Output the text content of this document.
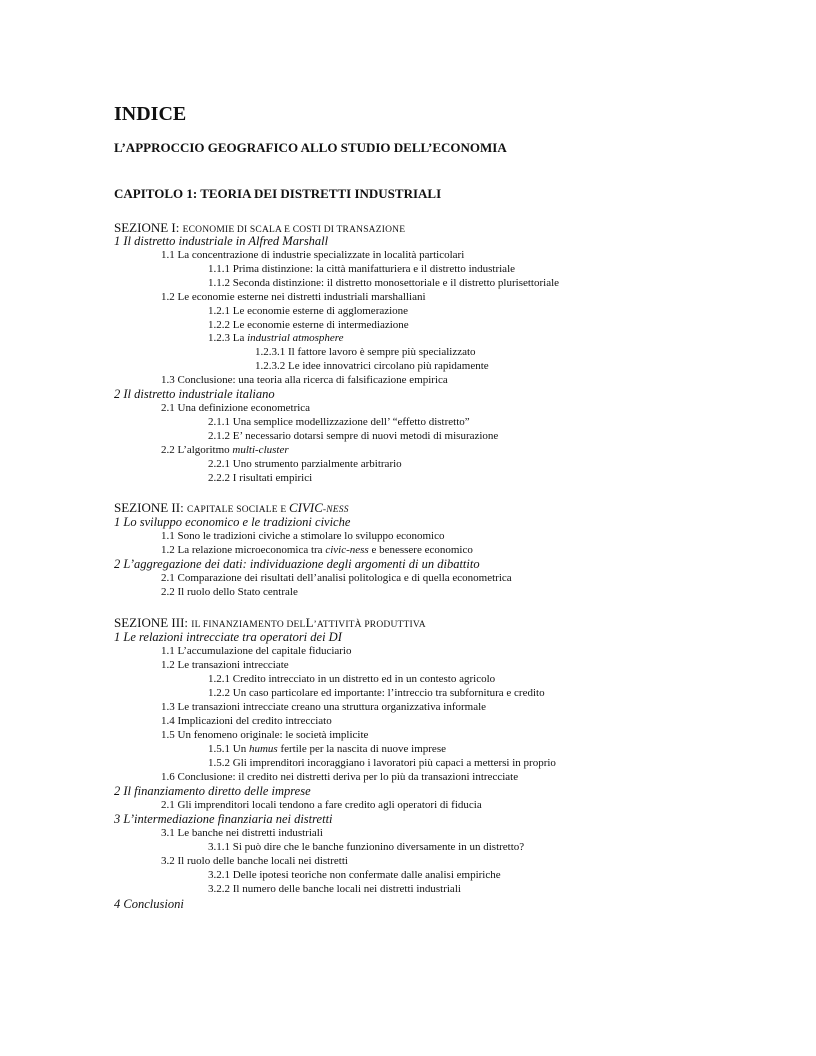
INDICE
L’APPROCCIO GEOGRAFICO ALLO STUDIO DELL’ECONOMIA
CAPITOLO 1: TEORIA DEI DISTRETTI INDUSTRIALI
SEZIONE I: ECONOMIE DI SCALA E COSTI DI TRANSAZIONE
1 Il distretto industriale in Alfred Marshall
1.1 La concentrazione di industrie specializzate in località particolari
1.1.1 Prima distinzione: la città manifatturiera e il distretto industriale
1.1.2 Seconda distinzione: il distretto monosettoriale e il distretto plurisettoriale
1.2 Le economie esterne nei distretti industriali marshalliani
1.2.1 Le economie esterne di agglomerazione
1.2.2 Le economie esterne di intermediazione
1.2.3 La industrial atmosphere
1.2.3.1 Il fattore lavoro è sempre più specializzato
1.2.3.2 Le idee innovatrici circolano più rapidamente
1.3 Conclusione: una teoria alla ricerca di falsificazione empirica
2 Il distretto industriale italiano
2.1 Una definizione econometrica
2.1.1 Una semplice modellizzazione dell’ “effetto distretto”
2.1.2 E’ necessario dotarsi sempre di nuovi metodi di misurazione
2.2 L’algoritmo multi-cluster
2.2.1 Uno strumento parzialmente arbitrario
2.2.2 I risultati empirici
SEZIONE II: CAPITALE SOCIALE E CIVIC-NESS
1 Lo sviluppo economico e le tradizioni civiche
1.1 Sono le tradizioni civiche a stimolare lo sviluppo economico
1.2 La relazione microeconomica tra civic-ness e benessere economico
2 L’aggregazione dei dati: individuazione degli argomenti di un dibattito
2.1 Comparazione dei risultati dell’analisi politologica e di quella econometrica
2.2 Il ruolo dello Stato centrale
SEZIONE III: IL FINANZIAMENTO DELL’ATTIVITÀ PRODUTTIVA
1 Le relazioni intrecciate tra operatori dei DI
1.1 L’accumulazione del capitale fiduciario
1.2 Le transazioni intrecciate
1.2.1 Credito intrecciato in un distretto ed in un contesto agricolo
1.2.2 Un caso particolare ed importante: l’intreccio tra subfornitura e credito
1.3 Le transazioni intrecciate creano una struttura organizzativa informale
1.4 Implicazioni del credito intrecciato
1.5 Un fenomeno originale: le società implicite
1.5.1 Un humus fertile per la nascita di nuove imprese
1.5.2 Gli imprenditori incoraggiano i lavoratori più capaci a mettersi in proprio
1.6 Conclusione: il credito nei distretti deriva per lo più da transazioni intrecciate
2 Il finanziamento diretto delle imprese
2.1 Gli imprenditori locali tendono a fare credito agli operatori di fiducia
3 L’intermediazione finanziaria nei distretti
3.1 Le banche nei distretti industriali
3.1.1 Si può dire che le banche funzionino diversamente in un distretto?
3.2 Il ruolo delle banche locali nei distretti
3.2.1 Delle ipotesi teoriche non confermate dalle analisi empiriche
3.2.2 Il numero delle banche locali nei distretti industriali
4 Conclusioni
